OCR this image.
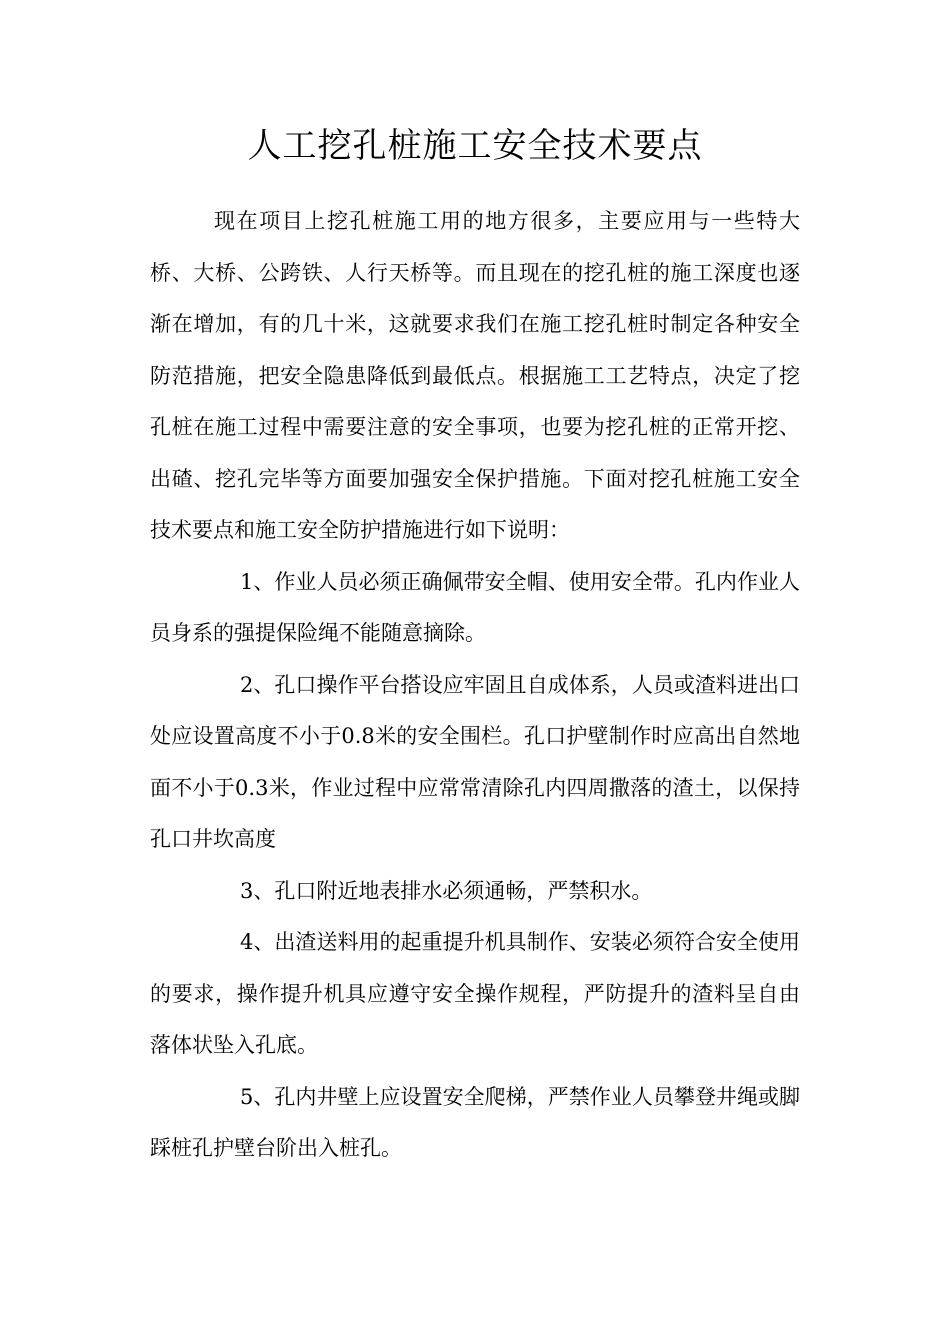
人工挖孔桩施工安全技术要点

现在项目上挖孔桩施工用的地方很多，主要应用与一些特大桥、大桥、公跨铁、人行天桥等。而且现在的挖孔桩的施工深度也逐渐在增加，有的几十米，这就要求我们在施工挖孔桩时制定各种安全防范措施，把安全隐患降低到最低点。根据施工工艺特点，决定了挖孔桩在施工过程中需要注意的安全事项，也要为挖孔桩的正常开挖、出碴、挖孔完毕等方面要加强安全保护措施。下面对挖孔桩施工安全技术要点和施工安全防护措施进行如下说明：

1、作业人员必须正确佩带安全帽、使用安全带。孔内作业人员身系的强提保险绳不能随意摘除。

2、孔口操作平台搭设应牢固且自成体系，人员或渣料进出口处应设置高度不小于0.8米的安全围栏。孔口护壁制作时应高出自然地面不小于0.3米，作业过程中应常常清除孔内四周撒落的渣土，以保持孔口井坎高度

3、孔口附近地表排水必须通畅，严禁积水。

4、出渣送料用的起重提升机具制作、安装必须符合安全使用的要求，操作提升机具应遵守安全操作规程，严防提升的渣料呈自由落体状坠入孔底。

5、孔内井壁上应设置安全爬梯，严禁作业人员攀登井绳或脚踩桩孔护壁台阶出入桩孔。
